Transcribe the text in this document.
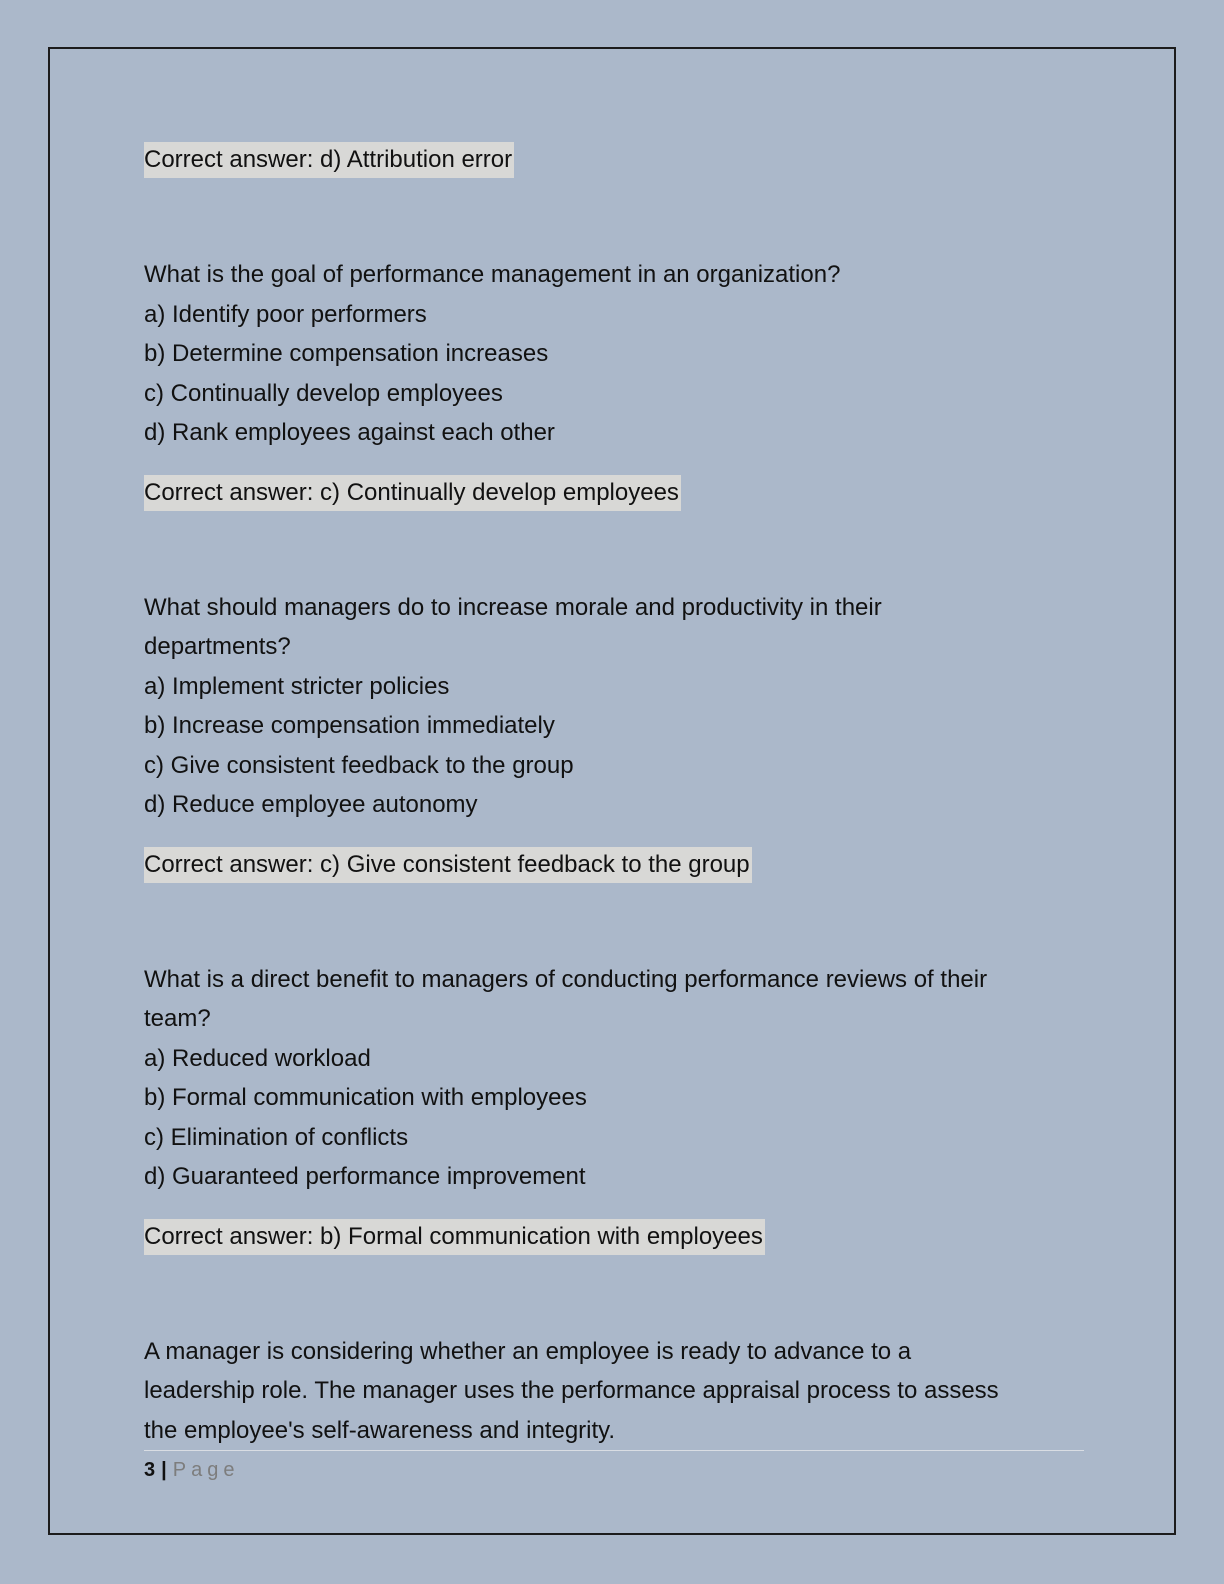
Correct answer: d) Attribution error
What is the goal of performance management in an organization?
a) Identify poor performers
b) Determine compensation increases
c) Continually develop employees
d) Rank employees against each other
Correct answer: c) Continually develop employees
What should managers do to increase morale and productivity in their
departments?
a) Implement stricter policies
b) Increase compensation immediately
c) Give consistent feedback to the group
d) Reduce employee autonomy
Correct answer: c) Give consistent feedback to the group
What is a direct benefit to managers of conducting performance reviews of their
team?
a) Reduced workload
b) Formal communication with employees
c) Elimination of conflicts
d) Guaranteed performance improvement
Correct answer: b) Formal communication with employees
A manager is considering whether an employee is ready to advance to a
leadership role. The manager uses the performance appraisal process to assess
the employee's self-awareness and integrity.
3 | Page
